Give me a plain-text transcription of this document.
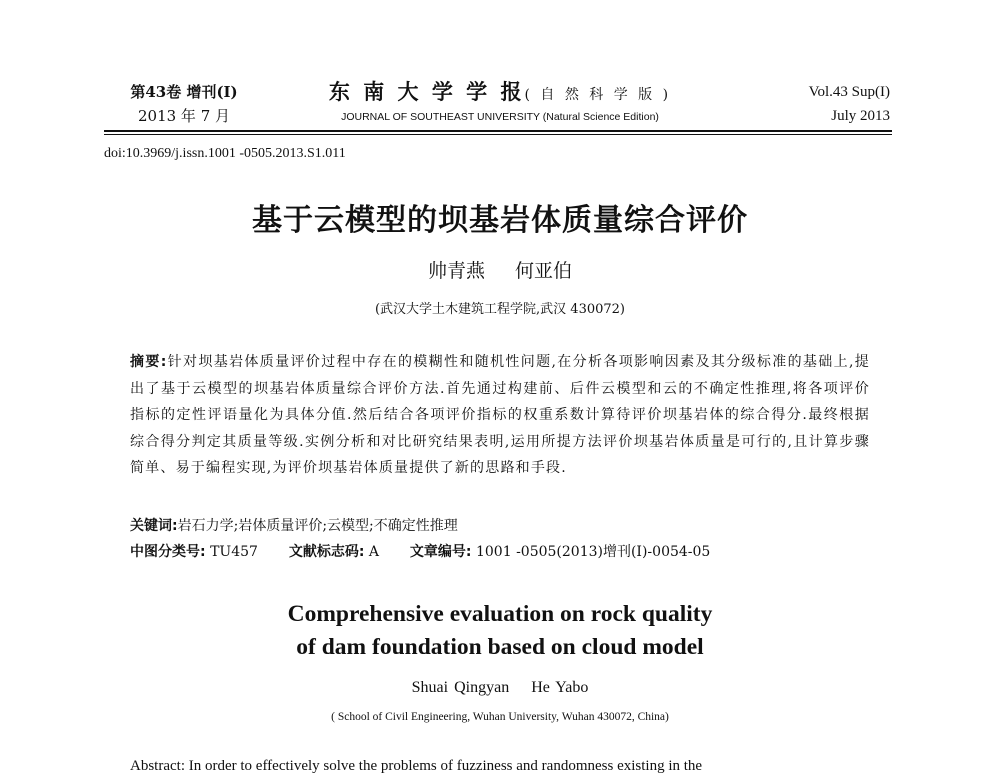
第43卷 增刊(I)
2013 年 7 月
东 南 大 学 学 报( 自 然 科 学 版 )
JOURNAL OF SOUTHEAST UNIVERSITY (Natural Science Edition)
Vol.43 Sup(I)
July 2013
doi:10.3969/j.issn.1001 -0505.2013.S1.011
基于云模型的坝基岩体质量综合评价
帅青燕 何亚伯
(武汉大学土木建筑工程学院,武汉 430072)
摘要:针对坝基岩体质量评价过程中存在的模糊性和随机性问题,在分析各项影响因素及其分级标准的基础上,提出了基于云模型的坝基岩体质量综合评价方法.首先通过构建前、后件云模型和云的不确定性推理,将各项评价指标的定性评语量化为具体分值.然后结合各项评价指标的权重系数计算待评价坝基岩体的综合得分.最终根据综合得分判定其质量等级.实例分析和对比研究结果表明,运用所提方法评价坝基岩体质量是可行的,且计算步骤简单、易于编程实现,为评价坝基岩体质量提供了新的思路和手段.
关键词:岩石力学;岩体质量评价;云模型;不确定性推理
中图分类号: TU457 文献标志码: A 文章编号: 1001 -0505(2013)增刊(I)-0054-05
Comprehensive evaluation on rock quality
of dam foundation based on cloud model
Shuai Qingyan He Yabo
( School of Civil Engineering, Wuhan University, Wuhan 430072, China)
Abstract: In order to effectively solve the problems of fuzziness and randomness existing in the
